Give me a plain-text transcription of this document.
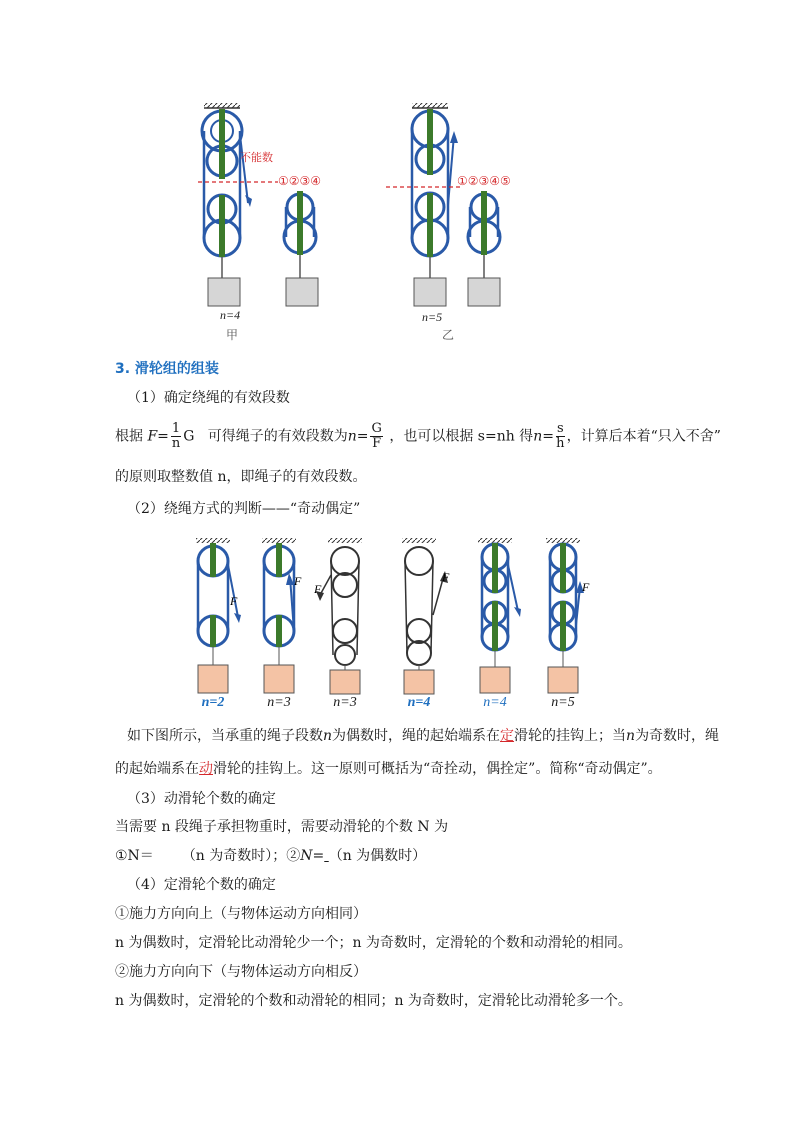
不能数
①②③④
n=4
甲
①②③④⑤
n=5
乙
3. 滑轮组的组装
（1）确定绕绳的有效段数
根据 $F= \frac{1}{n}$ G 可得绳子的有效段数为$n= \frac{G}{F}$ ，也可以根据 s=nh 得$n= \frac{s}{h}$ ，计算后本着“只入不舍”
的原则取整数值 n，即绳子的有效段数。
（2）绕绳方式的判断——“奇动偶定”
F
F
F
F
F
n=2	n=3	n=3	n=4	n=4	n=5
如下图所示，当承重的绳子段数n为偶数时，绳的起始端系在定滑轮的挂钩上；当n为奇数时，绳
的起始端系在动滑轮的挂钩上。这一原则可概括为“奇拴动，偶拴定”。简称“奇动偶定”。
（3）动滑轮个数的确定
当需要 n 段绳子承担物重时，需要动滑轮的个数 N 为
①N＝ （n 为奇数时）；②N= （n 为偶数时）
（4）定滑轮个数的确定
①施力方向向上（与物体运动方向相同）
n 为偶数时，定滑轮比动滑轮少一个；n 为奇数时，定滑轮的个数和动滑轮的相同。
②施力方向向下（与物体运动方向相反）
n 为偶数时，定滑轮的个数和动滑轮的相同；n 为奇数时，定滑轮比动滑轮多一个。
